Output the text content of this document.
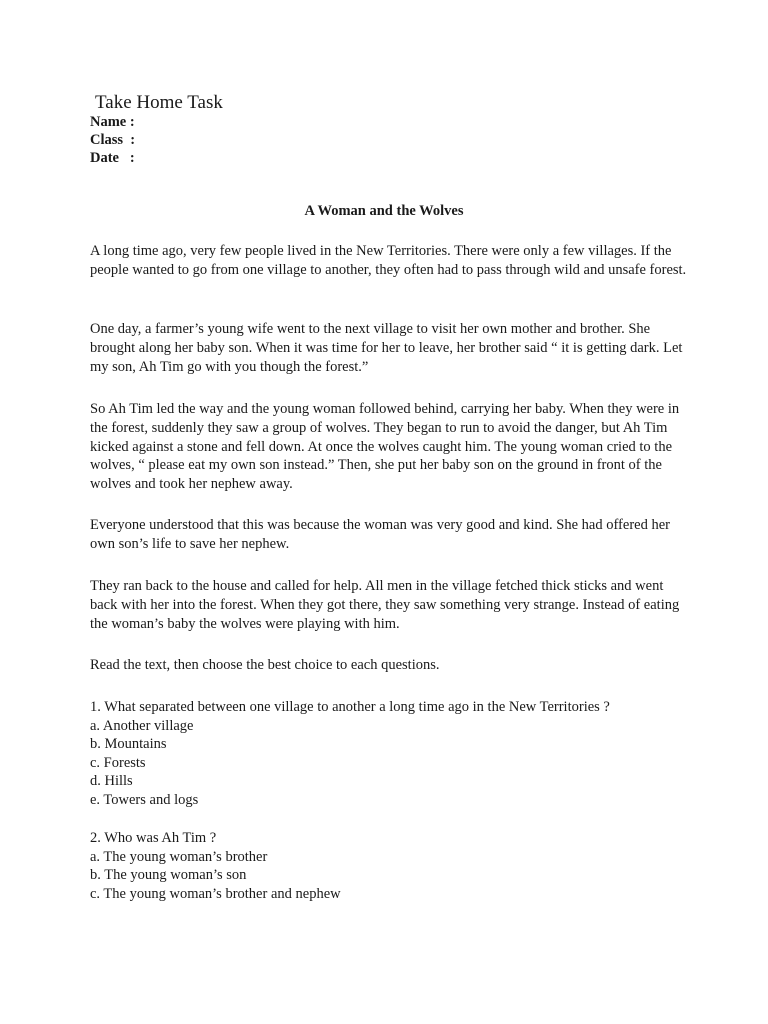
Take Home Task
Name :
Class  :
Date   :
A Woman and the Wolves

A long time ago, very few people lived in the New Territories. There were only a few villages. If the people wanted to go from one village to another, they often had to pass through wild and unsafe forest.

One day, a farmer’s young wife went to the next village to visit her own mother and brother. She brought along her baby son. When it was time for her to leave, her brother said “ it is getting dark. Let my son, Ah Tim go with you though the forest.”

So Ah Tim led the way and the young woman followed behind, carrying her baby. When they were in the forest, suddenly they saw a group of wolves. They began to run to avoid the danger, but Ah Tim kicked against a stone and fell down. At once the wolves caught him. The young woman cried to the wolves, “ please eat my own son instead.” Then, she put her baby son on the ground in front of the wolves and took her nephew away.

Everyone understood that this was because the woman was very good and kind. She had offered her own son’s life to save her nephew.

They ran back to the house and called for help. All men in the village fetched thick sticks and went back with her into the forest. When they got there, they saw something very strange. Instead of eating the woman’s baby the wolves were playing with him.

Read the text, then choose the best choice to each questions.
1. What separated between one village to another a long time ago in the New Territories ?
a. Another village
b. Mountains
c. Forests
d. Hills
e. Towers and logs
2. Who was Ah Tim ?
a. The young woman’s brother
b. The young woman’s son
c. The young woman’s brother and nephew
